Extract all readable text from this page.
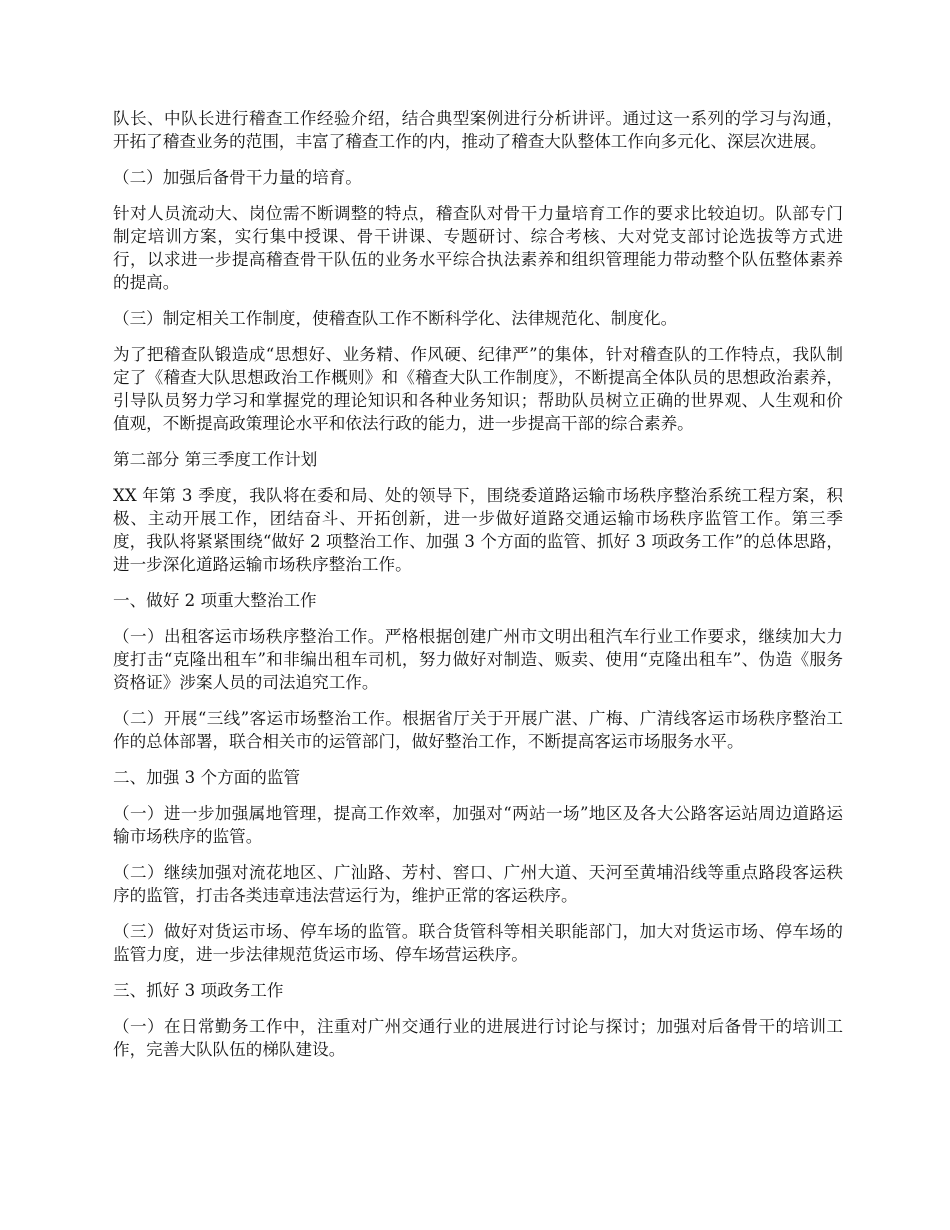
队长、中队长进行稽查工作经验介绍，结合典型案例进行分析讲评。通过这一系列的学习与沟通，开拓了稽查业务的范围，丰富了稽查工作的内，推动了稽查大队整体工作向多元化、深层次进展。

（二）加强后备骨干力量的培育。

针对人员流动大、岗位需不断调整的特点，稽查队对骨干力量培育工作的要求比较迫切。队部专门制定培训方案，实行集中授课、骨干讲课、专题研讨、综合考核、大对党支部讨论选拔等方式进行，以求进一步提高稽查骨干队伍的业务水平综合执法素养和组织管理能力带动整个队伍整体素养的提高。

（三）制定相关工作制度，使稽查队工作不断科学化、法律规范化、制度化。

为了把稽查队锻造成“思想好、业务精、作风硬、纪律严”的集体，针对稽查队的工作特点，我队制定了《稽查大队思想政治工作概则》和《稽查大队工作制度》，不断提高全体队员的思想政治素养，引导队员努力学习和掌握党的理论知识和各种业务知识；帮助队员树立正确的世界观、人生观和价值观，不断提高政策理论水平和依法行政的能力，进一步提高干部的综合素养。

第二部分 第三季度工作计划

XX 年第 3 季度，我队将在委和局、处的领导下，围绕委道路运输市场秩序整治系统工程方案，积极、主动开展工作，团结奋斗、开拓创新，进一步做好道路交通运输市场秩序监管工作。第三季度，我队将紧紧围绕“做好 2 项整治工作、加强 3 个方面的监管、抓好 3 项政务工作”的总体思路，进一步深化道路运输市场秩序整治工作。

一、做好 2 项重大整治工作

（一）出租客运市场秩序整治工作。严格根据创建广州市文明出租汽车行业工作要求，继续加大力度打击“克隆出租车”和非编出租车司机，努力做好对制造、贩卖、使用“克隆出租车”、伪造《服务资格证》涉案人员的司法追究工作。

（二）开展“三线”客运市场整治工作。根据省厅关于开展广湛、广梅、广清线客运市场秩序整治工作的总体部署，联合相关市的运管部门，做好整治工作，不断提高客运市场服务水平。

二、加强 3 个方面的监管

（一）进一步加强属地管理，提高工作效率，加强对“两站一场”地区及各大公路客运站周边道路运输市场秩序的监管。

（二）继续加强对流花地区、广汕路、芳村、窖口、广州大道、天河至黄埔沿线等重点路段客运秩序的监管，打击各类违章违法营运行为，维护正常的客运秩序。

（三）做好对货运市场、停车场的监管。联合货管科等相关职能部门，加大对货运市场、停车场的监管力度，进一步法律规范货运市场、停车场营运秩序。

三、抓好 3 项政务工作

（一）在日常勤务工作中，注重对广州交通行业的进展进行讨论与探讨；加强对后备骨干的培训工作，完善大队队伍的梯队建设。
